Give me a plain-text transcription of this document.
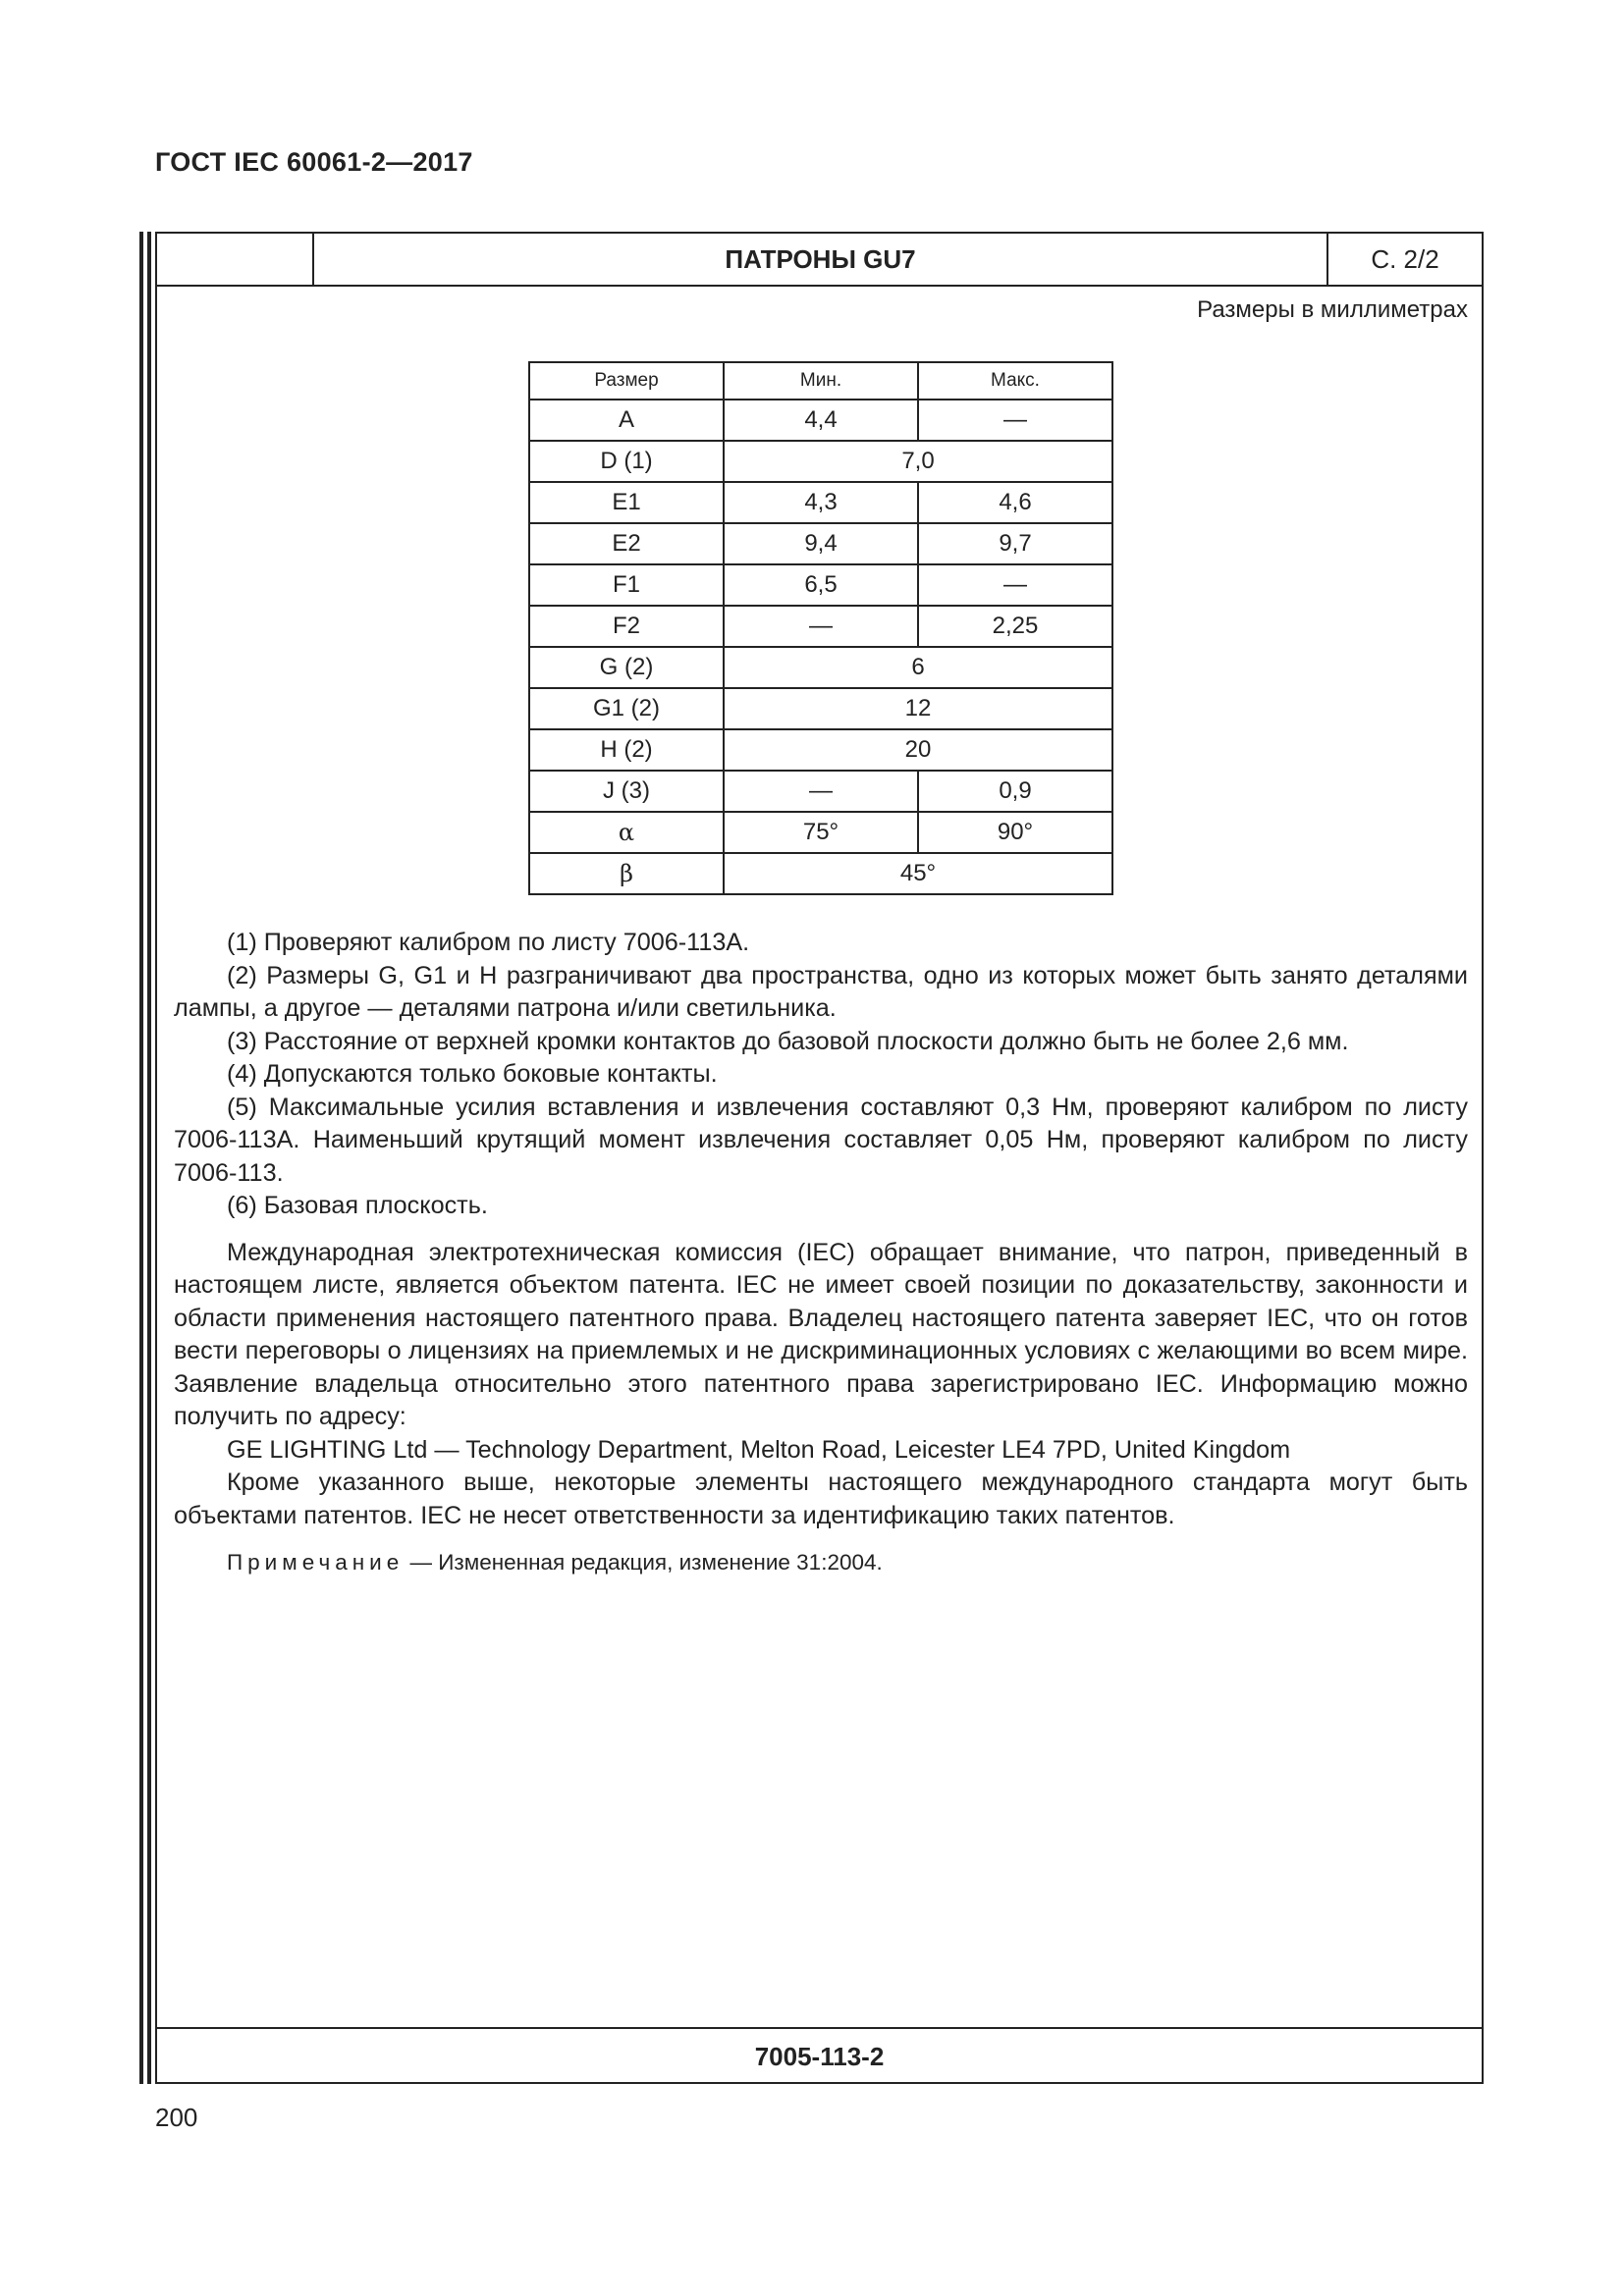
ГОСТ IEC 60061-2—2017
ПАТРОНЫ GU7	С. 2/2
Размеры в миллиметрах
Размер	Мин.	Макс.
A	4,4	—
D (1)	7,0	
E1	4,3	4,6
E2	9,4	9,7
F1	6,5	—
F2	—	2,25
G (2)	6	
G1 (2)	12	
H (2)	20	
J (3)	—	0,9
α	75°	90°
β	45°	

(1) Проверяют калибром по листу 7006-113А.

(2) Размеры G, G1 и H разграничивают два пространства, одно из которых может быть занято деталями лампы, а другое — деталями патрона и/или светильника.

(3) Расстояние от верхней кромки контактов до базовой плоскости должно быть не более 2,6 мм.

(4) Допускаются только боковые контакты.

(5) Максимальные усилия вставления и извлечения составляют 0,3 Нм, проверяют калибром по листу 7006-113А. Наименьший крутящий момент извлечения составляет 0,05 Нм, проверяют калибром по листу 7006-113.

(6) Базовая плоскость.

Международная электротехническая комиссия (IEC) обращает внимание, что патрон, приведенный в настоящем листе, является объектом патента. IEC не имеет своей позиции по доказательству, законности и области применения настоящего патентного права. Владелец настоящего патента заверяет IEC, что он готов вести переговоры о лицензиях на приемлемых и не дискриминационных условиях с желающими во всем мире. Заявление владельца относительно этого патентного права зарегистрировано IEC. Информацию можно получить по адресу:

GE LIGHTING Ltd — Technology Department, Melton Road, Leicester LE4 7PD, United Kingdom

Кроме указанного выше, некоторые элементы настоящего международного стандарта могут быть объектами патентов. IEC не несет ответственности за идентификацию таких патентов.

Примечание — Измененная редакция, изменение 31:2004.

7005-113-2
200
